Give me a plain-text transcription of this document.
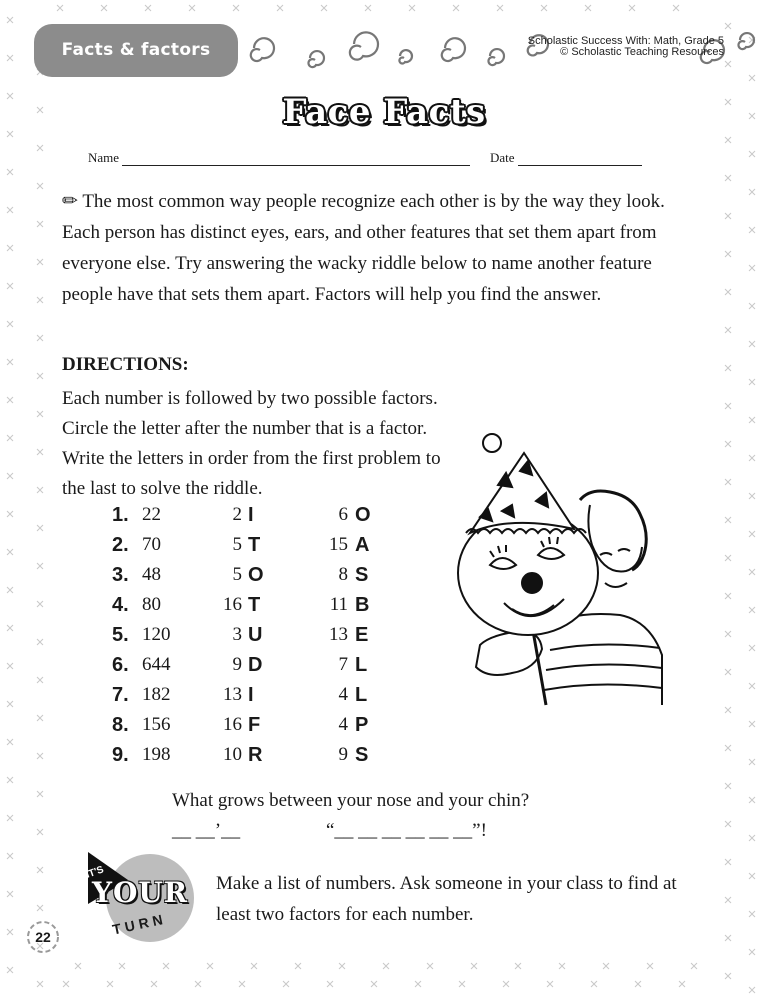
Facts & factors	Scholastic Success With: Math, Grade 5
© Scholastic Teaching Resources
Face Facts
Name	Date
✏ The most common way people recognize each other is by the way they look. Each person has distinct eyes, ears, and other features that set them apart from everyone else. Try answering the wacky riddle below to name another feature people have that sets them apart. Factors will help you find the answer.
DIRECTIONS:
Each number is followed by two possible factors. Circle the letter after the number that is a factor. Write the letters in order from the first problem to the last to solve the riddle.
1. 22	2 I	6 O
2. 70	5 T	15 A
3. 48	5 O	8 S
4. 80	16 T	11 B
5. 120	3 U	13 E
6. 644	9 D	7 L
7. 182	13 I	4 L
8. 156	16 F	4 P
9. 198	10 R	9 S
What grows between your nose and your chin?
__ __’__	“__ __ __ __ __ __”!
IT'S
YOUR
TURN
Make a list of numbers. Ask someone in your class to find at least two factors for each number.
22
